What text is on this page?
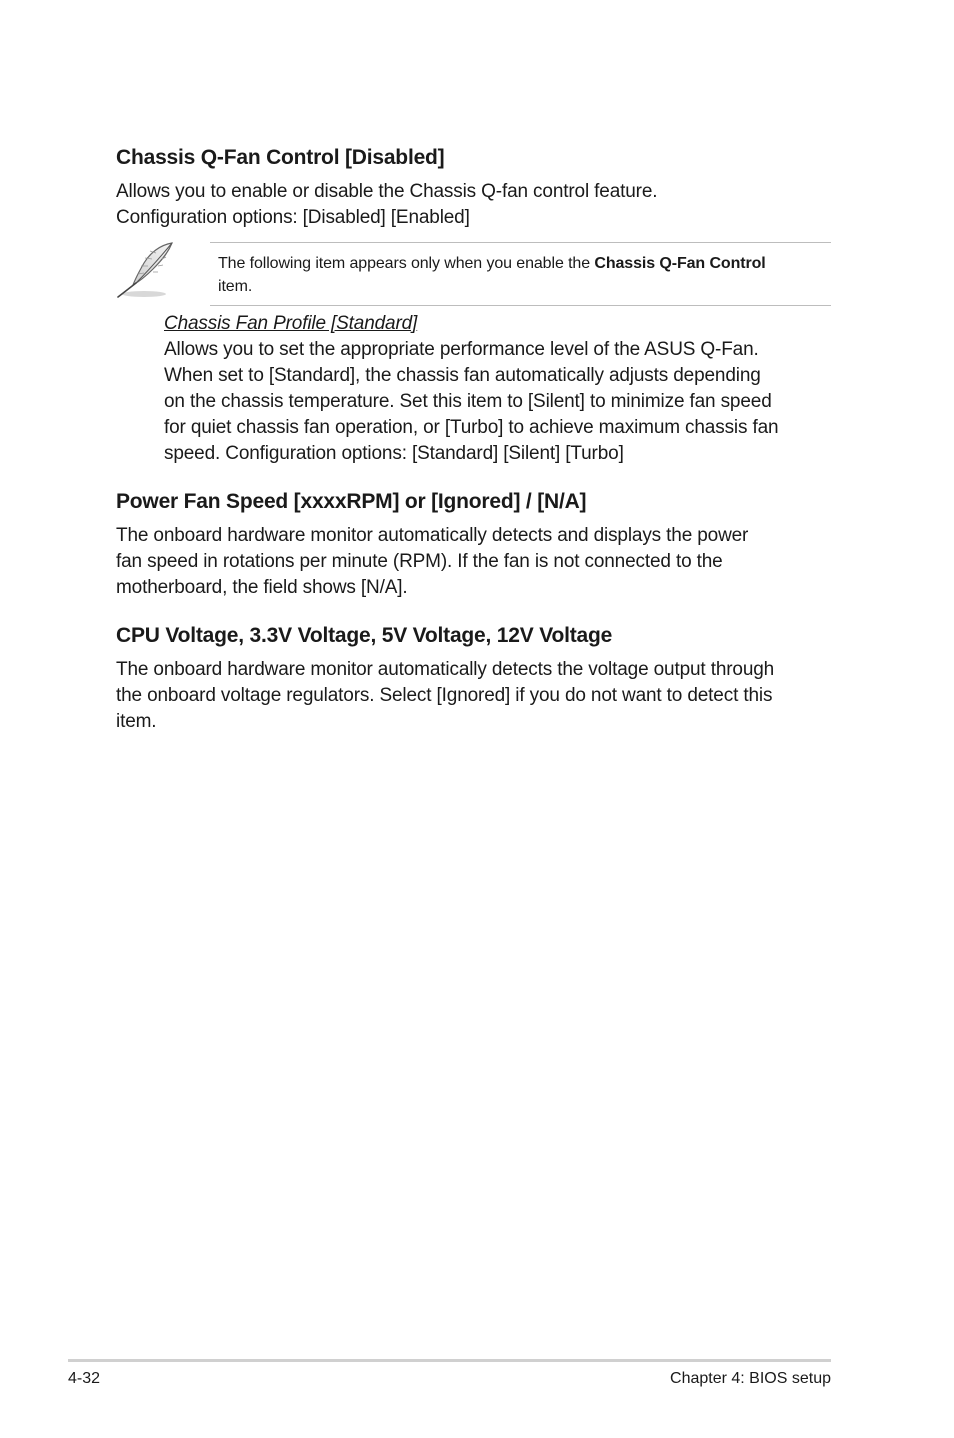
Chassis Q-Fan Control [Disabled]

Allows you to enable or disable the Chassis Q-fan control feature.
Configuration options: [Disabled] [Enabled]

The following item appears only when you enable the Chassis Q-Fan Control
item.
Chassis Fan Profile [Standard]

Allows you to set the appropriate performance level of the ASUS Q-Fan.
When set to [Standard], the chassis fan automatically adjusts depending
on the chassis temperature. Set this item to [Silent] to minimize fan speed
for quiet chassis fan operation, or [Turbo] to achieve maximum chassis fan
speed. Configuration options: [Standard] [Silent] [Turbo]

Power Fan Speed [xxxxRPM] or [Ignored] / [N/A]

The onboard hardware monitor automatically detects and displays the power
fan speed in rotations per minute (RPM). If the fan is not connected to the
motherboard, the field shows [N/A].

CPU Voltage, 3.3V Voltage, 5V Voltage, 12V Voltage

The onboard hardware monitor automatically detects the voltage output through
the onboard voltage regulators. Select [Ignored] if you do not want to detect this
item.

4-32	Chapter 4: BIOS setup
